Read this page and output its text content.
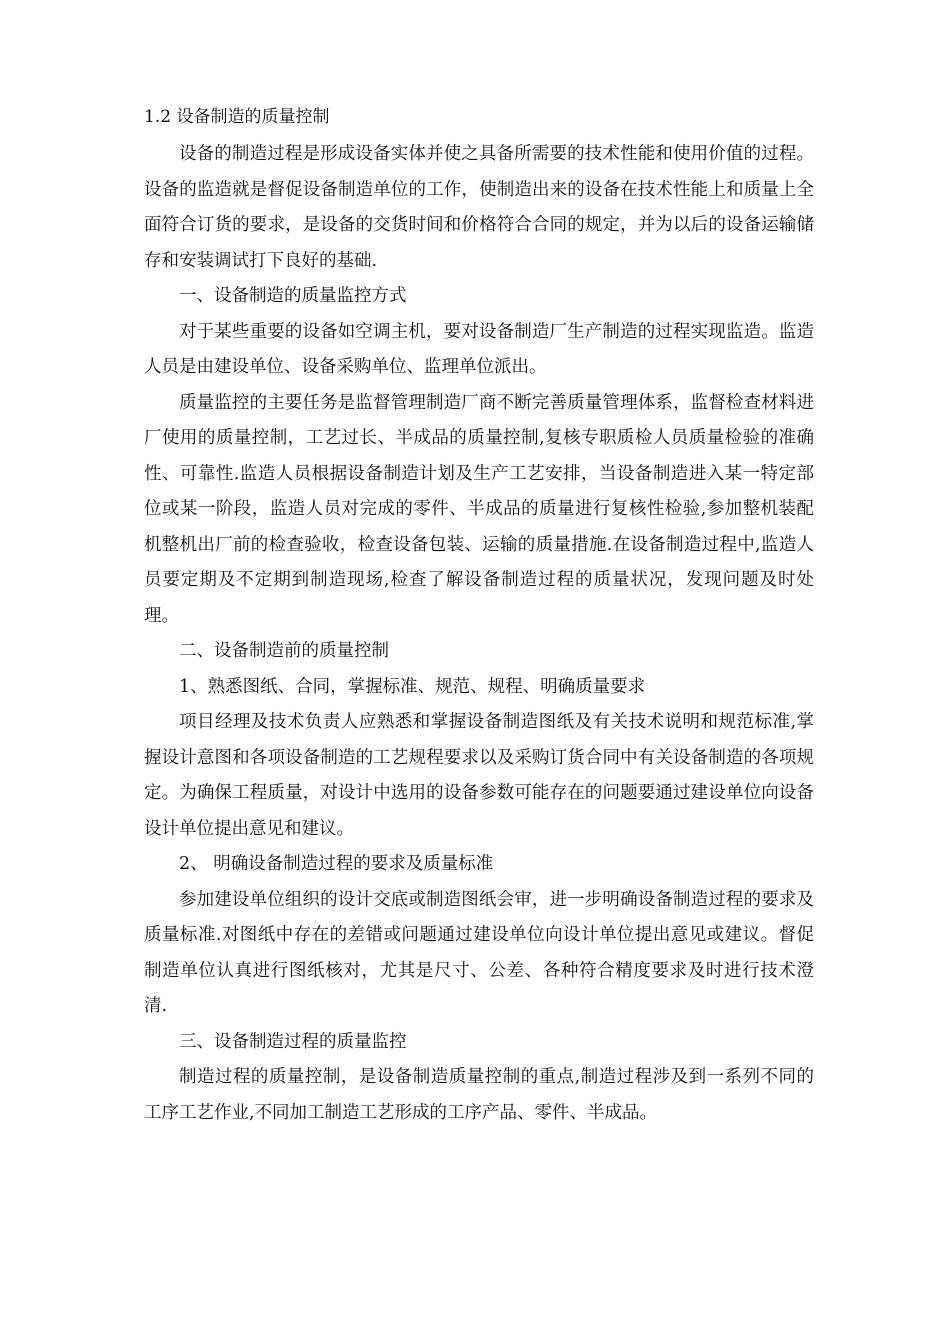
1.2 设备制造的质量控制

设备的制造过程是形成设备实体并使之具备所需要的技术性能和使用价值的过程。设备的监造就是督促设备制造单位的工作，使制造出来的设备在技术性能上和质量上全面符合订货的要求，是设备的交货时间和价格符合合同的规定，并为以后的设备运输储存和安装调试打下良好的基础.

一、设备制造的质量监控方式

对于某些重要的设备如空调主机，要对设备制造厂生产制造的过程实现监造。监造人员是由建设单位、设备采购单位、监理单位派出。

质量监控的主要任务是监督管理制造厂商不断完善质量管理体系，监督检查材料进厂使用的质量控制，工艺过长、半成品的质量控制,复核专职质检人员质量检验的准确性、可靠性.监造人员根据设备制造计划及生产工艺安排，当设备制造进入某一特定部位或某一阶段，监造人员对完成的零件、半成品的质量进行复核性检验,参加整机装配机整机出厂前的检查验收，检查设备包装、运输的质量措施.在设备制造过程中,监造人员要定期及不定期到制造现场,检查了解设备制造过程的质量状况，发现问题及时处理。

二、设备制造前的质量控制

1、熟悉图纸、合同，掌握标准、规范、规程、明确质量要求

项目经理及技术负责人应熟悉和掌握设备制造图纸及有关技术说明和规范标准,掌握设计意图和各项设备制造的工艺规程要求以及采购订货合同中有关设备制造的各项规定。为确保工程质量，对设计中选用的设备参数可能存在的问题要通过建设单位向设备设计单位提出意见和建议。

2、 明确设备制造过程的要求及质量标准

参加建设单位组织的设计交底或制造图纸会审，进一步明确设备制造过程的要求及质量标准.对图纸中存在的差错或问题通过建设单位向设计单位提出意见或建议。督促制造单位认真进行图纸核对，尤其是尺寸、公差、各种符合精度要求及时进行技术澄清.

三、设备制造过程的质量监控

制造过程的质量控制，是设备制造质量控制的重点,制造过程涉及到一系列不同的工序工艺作业,不同加工制造工艺形成的工序产品、零件、半成品。
